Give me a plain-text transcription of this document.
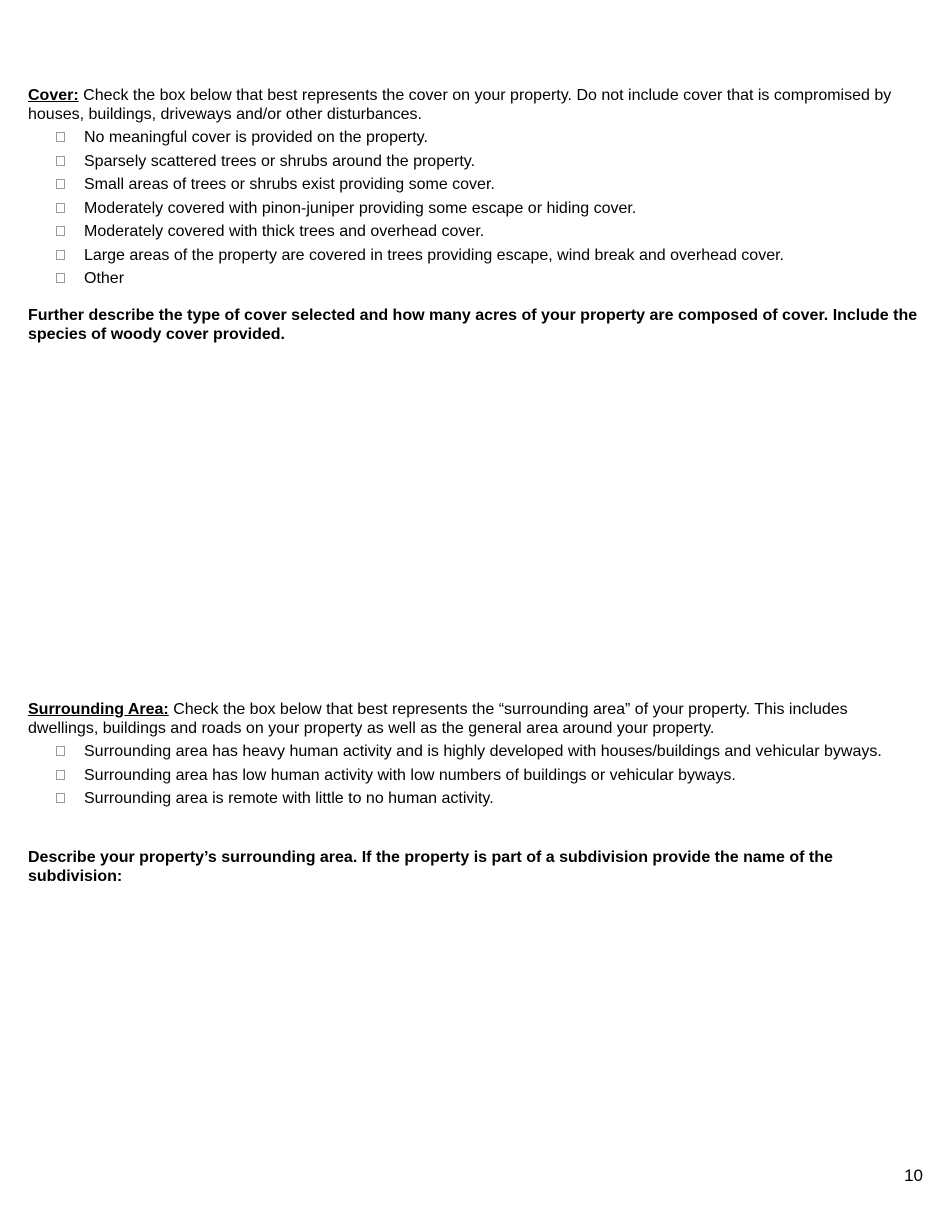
Cover: Check the box below that best represents the cover on your property. Do not include cover that is compromised by houses, buildings, driveways and/or other disturbances.

No meaningful cover is provided on the property.
Sparsely scattered trees or shrubs around the property.
Small areas of trees or shrubs exist providing some cover.
Moderately covered with pinon-juniper providing some escape or hiding cover.
Moderately covered with thick trees and overhead cover.
Large areas of the property are covered in trees providing escape, wind break and overhead cover.
Other

Further describe the type of cover selected and how many acres of your property are composed of cover. Include the species of woody cover provided.

Surrounding Area: Check the box below that best represents the “surrounding area” of your property. This includes dwellings, buildings and roads on your property as well as the general area around your property.

Surrounding area has heavy human activity and is highly developed with houses/buildings and vehicular byways.
Surrounding area has low human activity with low numbers of buildings or vehicular byways.
Surrounding area is remote with little to no human activity.

Describe your property’s surrounding area. If the property is part of a subdivision provide the name of the subdivision:

10
